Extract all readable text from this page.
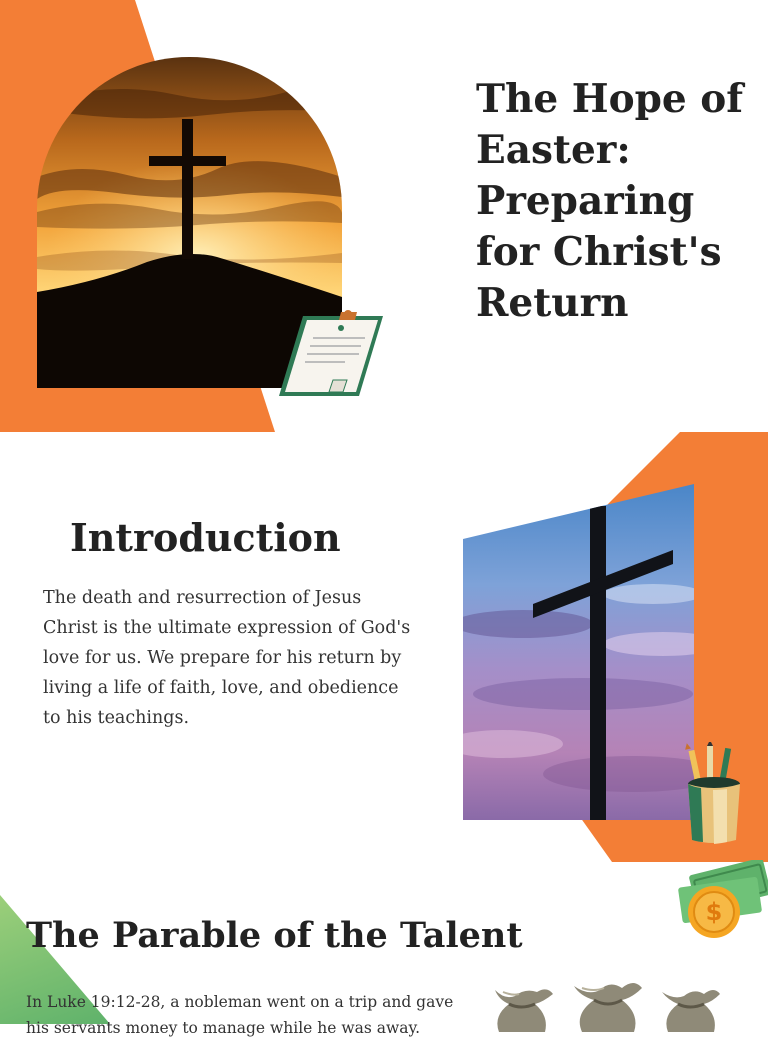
The Hope of Easter: Preparing for Christ's Return
Introduction

The death and resurrection of Jesus Christ is the ultimate expression of God's love for us. We prepare for his return by living a life of faith, love, and obedience to his teachings.

$
The Parable of the Talent

In Luke 19:12-28, a nobleman went on a trip and gave his servants money to manage while he was away.
